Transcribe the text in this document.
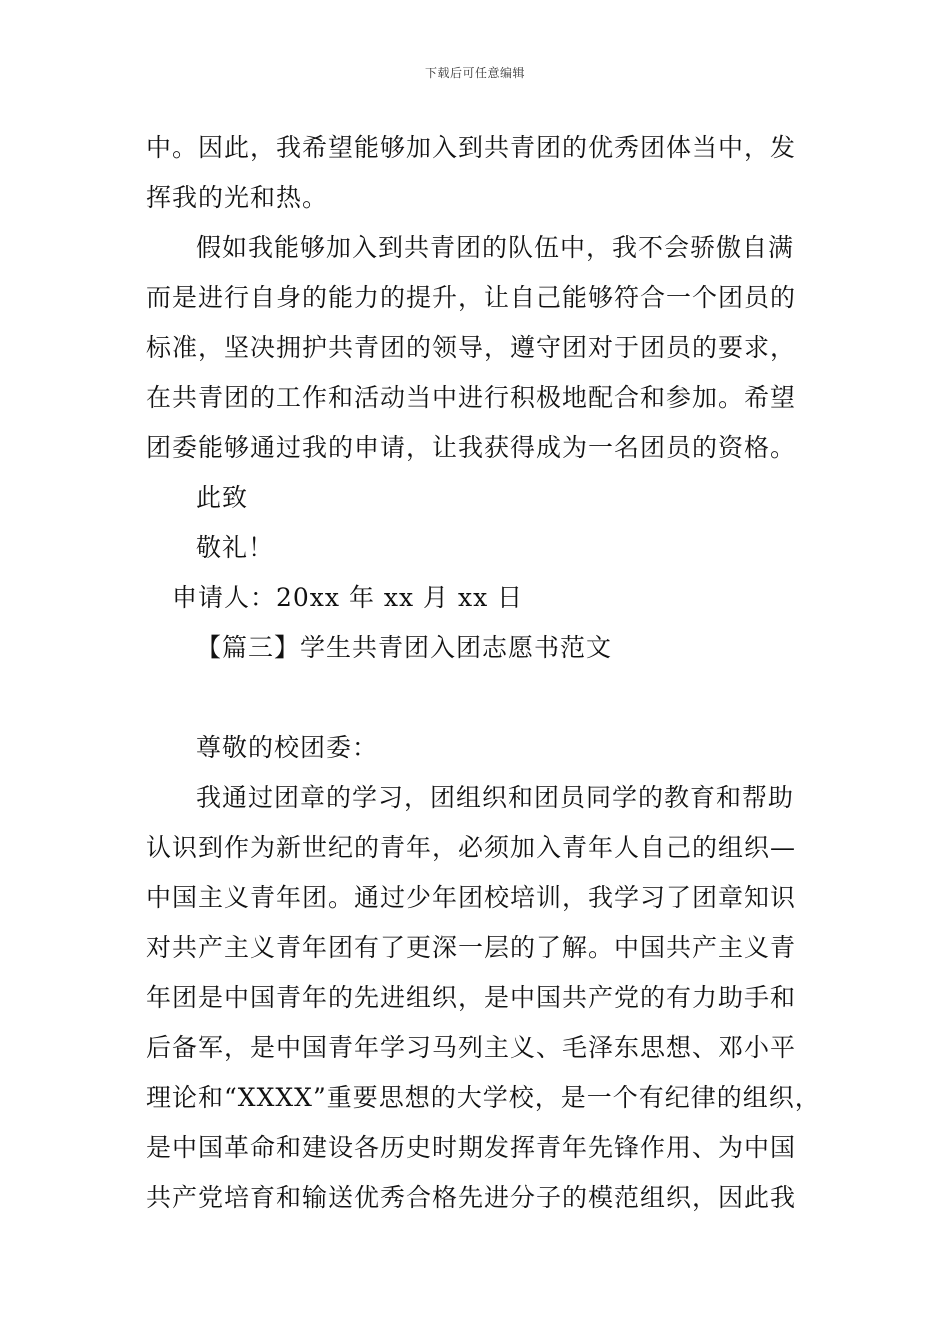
下载后可任意编辑
中。因此，我希望能够加入到共青团的优秀团体当中，发
挥我的光和热。
假如我能够加入到共青团的队伍中，我不会骄傲自满
而是进行自身的能力的提升，让自己能够符合一个团员的
标准，坚决拥护共青团的领导，遵守团对于团员的要求，
在共青团的工作和活动当中进行积极地配合和参加。希望
团委能够通过我的申请，让我获得成为一名团员的资格。
此致
敬礼！
申请人：20xx 年 xx 月 xx 日
【篇三】学生共青团入团志愿书范文
尊敬的校团委：
我通过团章的学习，团组织和团员同学的教育和帮助
认识到作为新世纪的青年，必须加入青年人自己的组织—
中国主义青年团。通过少年团校培训，我学习了团章知识
对共产主义青年团有了更深一层的了解。中国共产主义青
年团是中国青年的先进组织，是中国共产党的有力助手和
后备军，是中国青年学习马列主义、毛泽东思想、邓小平
理论和“XXXX”重要思想的大学校，是一个有纪律的组织，
是中国革命和建设各历史时期发挥青年先锋作用、为中国
共产党培育和输送优秀合格先进分子的模范组织，因此我
